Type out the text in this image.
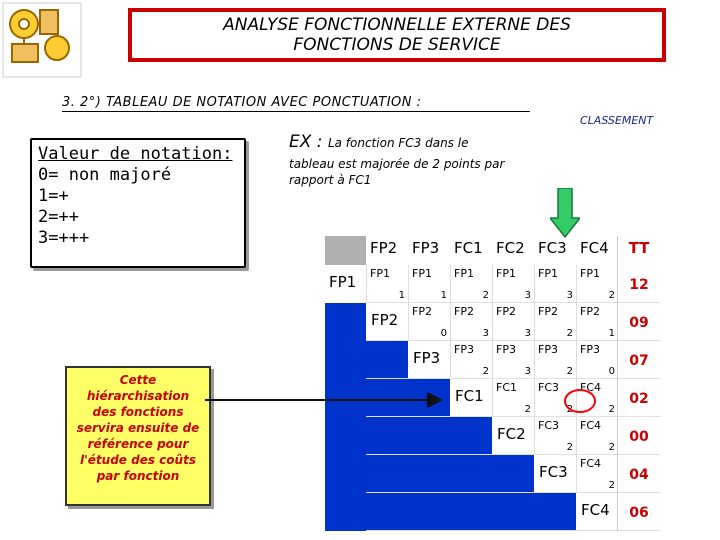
ANALYSE FONCTIONNELLE EXTERNE DES
FONCTIONS DE SERVICE
3. 2°) TABLEAU DE NOTATION AVEC PONCTUATION :
CLASSEMENT
Valeur de notation:
0= non majoré
1=+
2=++
3=+++
EX : La fonction FC3 dans le
tableau est majorée de 2 points par rapport à FC1
Cette hiérarchisation des fonctions servira ensuite de référence pour l'étude des coûts par fonction
FP2 FP3 FC1 FC2 FC3 FC4	TT
FP1 FP1
1
FP1
1
FP1
2
FP1
3
FP1
3
FP1
2
12
FP2 FP2
0
FP2
3
FP2
3
FP2
2
FP2
1
09
FP3 FP3
2
FP3
3
FP3
2
FP3
0
07
FC1 FC1
2
FC3
2
FC4
2
02
FC2 FC3
2
FC4
2
00
FC3 FC4
2
04
FC4	06
